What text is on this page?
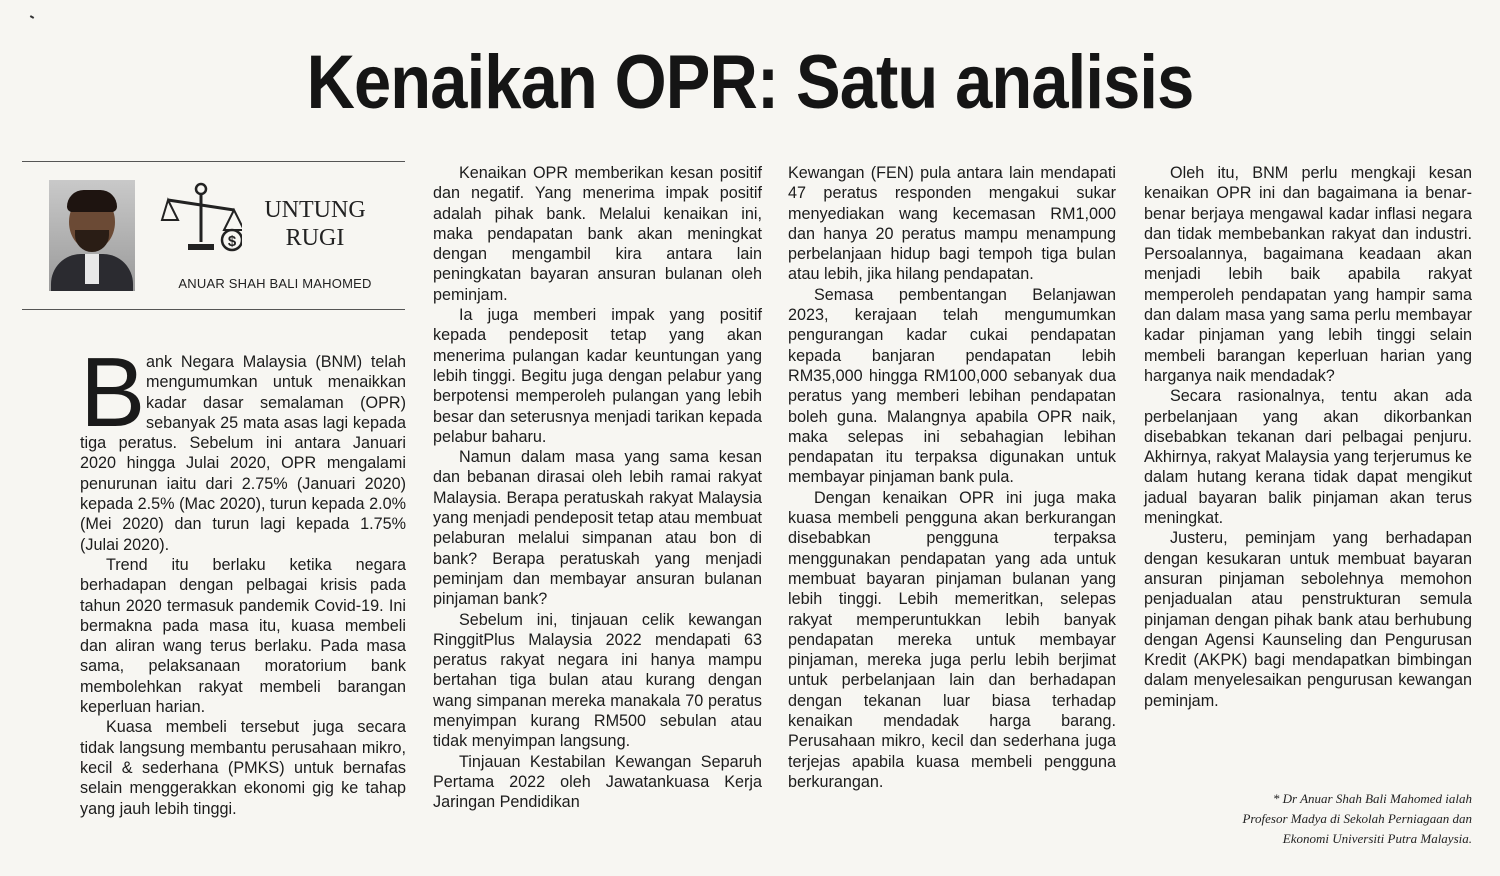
Kenaikan OPR: Satu analisis
$
UNTUNG
RUGI
ANUAR SHAH BALI MAHOMED

Bank Negara Malaysia (BNM) telah mengumumkan untuk menaikkan kadar dasar semalaman (OPR) sebanyak 25 mata asas lagi kepada tiga peratus. Sebelum ini antara Januari 2020 hingga Julai 2020, OPR mengalami penurunan iaitu dari 2.75% (Januari 2020) kepada 2.5% (Mac 2020), turun kepada 2.0% (Mei 2020) dan turun lagi kepada 1.75% (Julai 2020).

Trend itu berlaku ketika negara berhadapan dengan pelbagai krisis pada tahun 2020 termasuk pandemik Covid-19. Ini bermakna pada masa itu, kuasa membeli dan aliran wang terus berlaku. Pada masa sama, pelaksanaan moratorium bank membolehkan rakyat membeli barangan keperluan harian.

Kuasa membeli tersebut juga secara tidak langsung membantu perusahaan mikro, kecil & sederhana (PMKS) untuk bernafas selain menggerakkan ekonomi gig ke tahap yang jauh lebih tinggi.

Kenaikan OPR memberikan kesan positif dan negatif. Yang menerima impak positif adalah pihak bank. Melalui kenaikan ini, maka pendapatan bank akan meningkat dengan mengambil kira antara lain peningkatan bayaran ansuran bulanan oleh peminjam.

Ia juga memberi impak yang positif kepada pendeposit tetap yang akan menerima pulangan kadar keuntungan yang lebih tinggi. Begitu juga dengan pelabur yang berpotensi memperoleh pulangan yang lebih besar dan seterusnya menjadi tarikan kepada pelabur baharu.

Namun dalam masa yang sama kesan dan bebanan dirasai oleh lebih ramai rakyat Malaysia. Berapa peratuskah rakyat Malaysia yang menjadi pendeposit tetap atau membuat pelaburan melalui simpanan atau bon di bank? Berapa peratuskah yang menjadi peminjam dan membayar ansuran bulanan pinjaman bank?

Sebelum ini, tinjauan celik kewangan RinggitPlus Malaysia 2022 mendapati 63 peratus rakyat negara ini hanya mampu bertahan tiga bulan atau kurang dengan wang simpanan mereka manakala 70 peratus menyimpan kurang RM500 sebulan atau tidak menyimpan langsung.

Tinjauan Kestabilan Kewangan Separuh Pertama 2022 oleh Jawatankuasa Kerja Jaringan Pendidikan

Kewangan (FEN) pula antara lain mendapati 47 peratus responden mengakui sukar menyediakan wang kecemasan RM1,000 dan hanya 20 peratus mampu menampung perbelanjaan hidup bagi tempoh tiga bulan atau lebih, jika hilang pendapatan.

Semasa pembentangan Belanjawan 2023, kerajaan telah mengumumkan pengurangan kadar cukai pendapatan kepada banjaran pendapatan lebih RM35,000 hingga RM100,000 sebanyak dua peratus yang memberi lebihan pendapatan boleh guna. Malangnya apabila OPR naik, maka selepas ini sebahagian lebihan pendapatan itu terpaksa digunakan untuk membayar pinjaman bank pula.

Dengan kenaikan OPR ini juga maka kuasa membeli pengguna akan berkurangan disebabkan pengguna terpaksa menggunakan pendapatan yang ada untuk membuat bayaran pinjaman bulanan yang lebih tinggi. Lebih memeritkan, selepas rakyat memperuntukkan lebih banyak pendapatan mereka untuk membayar pinjaman, mereka juga perlu lebih berjimat untuk perbelanjaan lain dan berhadapan dengan tekanan luar biasa terhadap kenaikan mendadak harga barang. Perusahaan mikro, kecil dan sederhana juga terjejas apabila kuasa membeli pengguna berkurangan.

Oleh itu, BNM perlu mengkaji kesan kenaikan OPR ini dan bagaimana ia benar-benar berjaya mengawal kadar inflasi negara dan tidak membebankan rakyat dan industri. Persoalannya, bagaimana keadaan akan menjadi lebih baik apabila rakyat memperoleh pendapatan yang hampir sama dan dalam masa yang sama perlu membayar kadar pinjaman yang lebih tinggi selain membeli barangan keperluan harian yang harganya naik mendadak?

Secara rasionalnya, tentu akan ada perbelanjaan yang akan dikorbankan disebabkan tekanan dari pelbagai penjuru. Akhirnya, rakyat Malaysia yang terjerumus ke dalam hutang kerana tidak dapat mengikut jadual bayaran balik pinjaman akan terus meningkat.

Justeru, peminjam yang berhadapan dengan kesukaran untuk membuat bayaran ansuran pinjaman sebolehnya memohon penjadualan atau penstrukturan semula pinjaman dengan pihak bank atau berhubung dengan Agensi Kaunseling dan Pengurusan Kredit (AKPK) bagi mendapatkan bimbingan dalam menyelesaikan pengurusan kewangan peminjam.

* Dr Anuar Shah Bali Mahomed ialah
Profesor Madya di Sekolah Perniagaan dan
Ekonomi Universiti Putra Malaysia.
